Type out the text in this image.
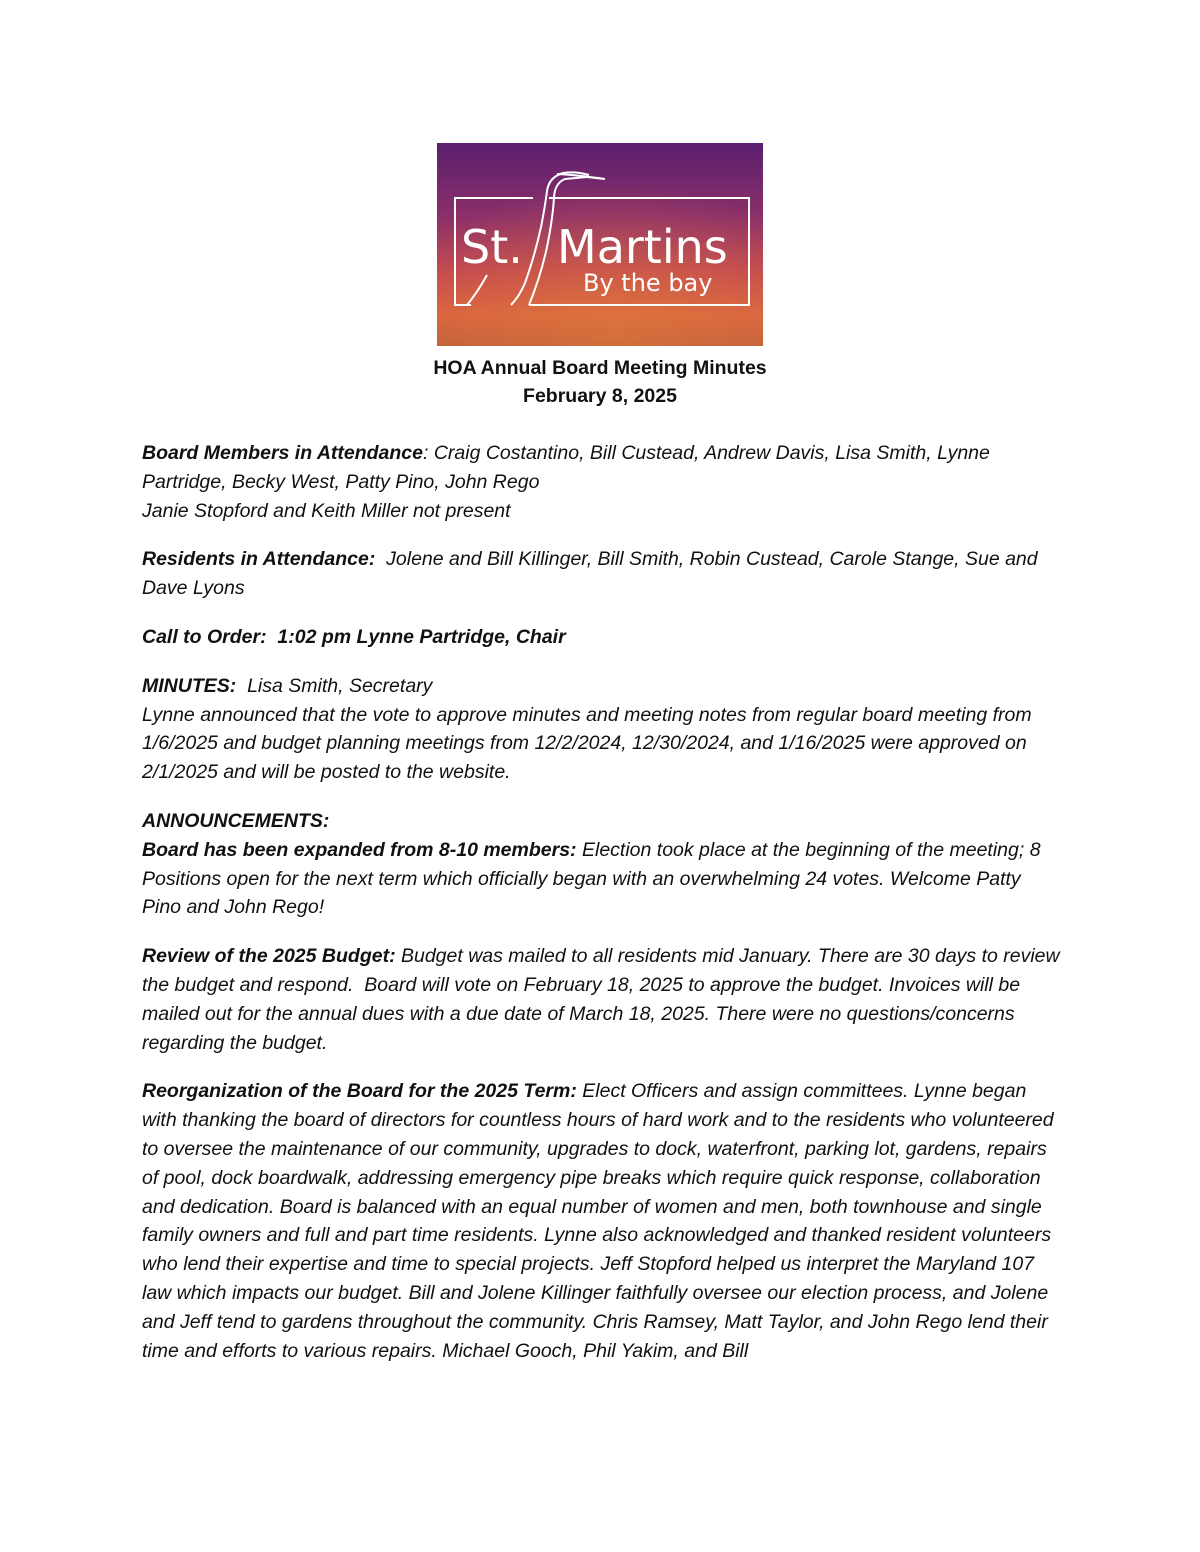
St. Martins
By the bay
HOA Annual Board Meeting Minutes
February 8, 2025

Board Members in Attendance: Craig Costantino, Bill Custead, Andrew Davis, Lisa Smith, Lynne Partridge, Becky West, Patty Pino, John Rego
Janie Stopford and Keith Miller not present

Residents in Attendance:  Jolene and Bill Killinger, Bill Smith, Robin Custead, Carole Stange, Sue and Dave Lyons

Call to Order:  1:02 pm Lynne Partridge, Chair

MINUTES:  Lisa Smith, Secretary
Lynne announced that the vote to approve minutes and meeting notes from regular board meeting from 1/6/2025 and budget planning meetings from 12/2/2024, 12/30/2024, and 1/16/2025 were approved on 2/1/2025 and will be posted to the website.

ANNOUNCEMENTS:
Board has been expanded from 8-10 members: Election took place at the beginning of the meeting; 8 Positions open for the next term which officially began with an overwhelming 24 votes. Welcome Patty Pino and John Rego!

Review of the 2025 Budget: Budget was mailed to all residents mid January. There are 30 days to review the budget and respond.  Board will vote on February 18, 2025 to approve the budget. Invoices will be mailed out for the annual dues with a due date of March 18, 2025. There were no questions/concerns regarding the budget.

Reorganization of the Board for the 2025 Term: Elect Officers and assign committees. Lynne began with thanking the board of directors for countless hours of hard work and to the residents who volunteered to oversee the maintenance of our community, upgrades to dock, waterfront, parking lot, gardens, repairs of pool, dock boardwalk, addressing emergency pipe breaks which require quick response, collaboration and dedication. Board is balanced with an equal number of women and men, both townhouse and single family owners and full and part time residents. Lynne also acknowledged and thanked resident volunteers who lend their expertise and time to special projects. Jeff Stopford helped us interpret the Maryland 107 law which impacts our budget. Bill and Jolene Killinger faithfully oversee our election process, and Jolene and Jeff tend to gardens throughout the community. Chris Ramsey, Matt Taylor, and John Rego lend their time and efforts to various repairs. Michael Gooch, Phil Yakim, and Bill
